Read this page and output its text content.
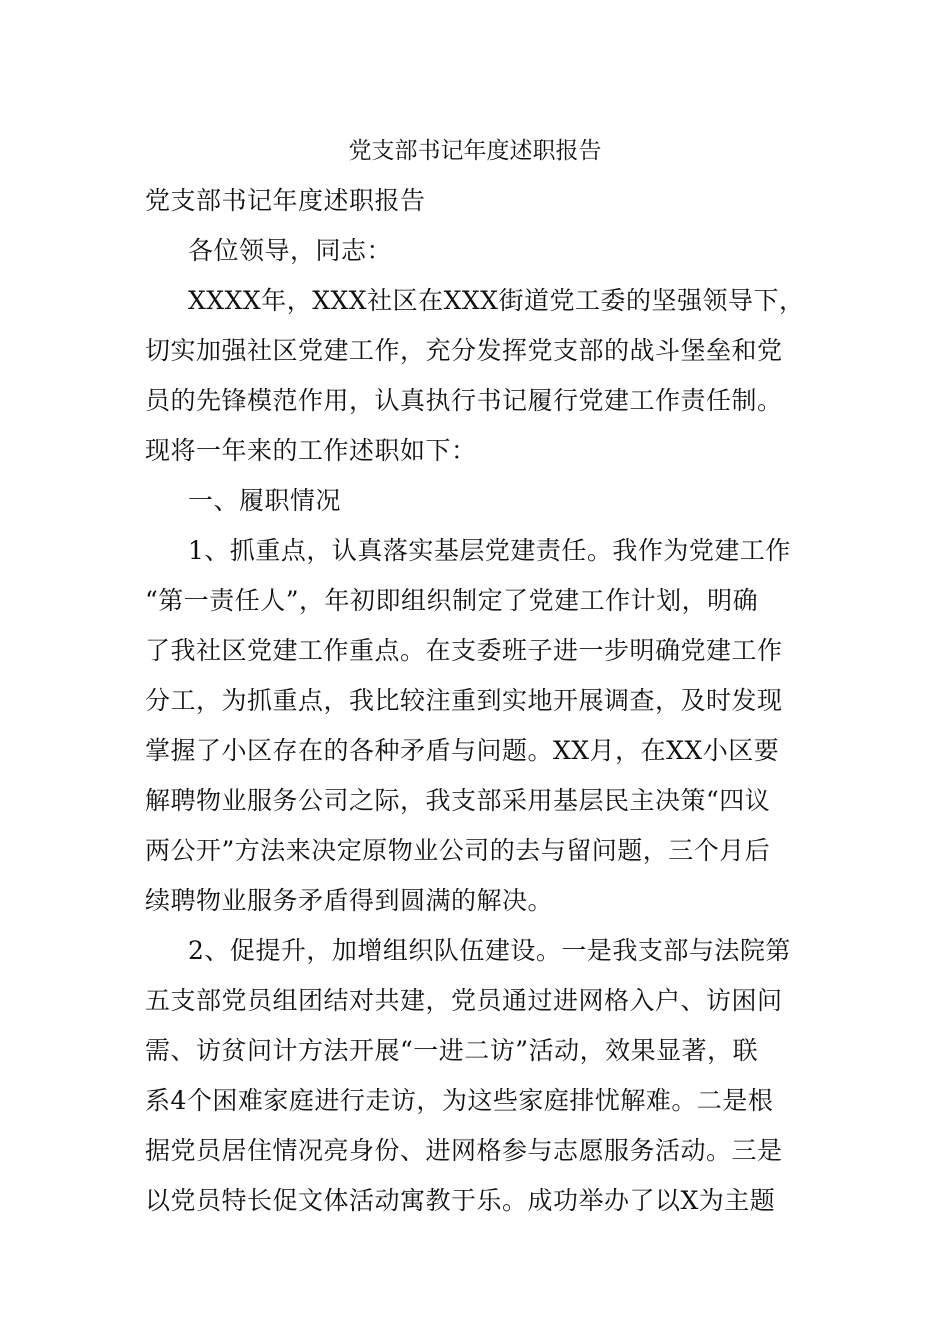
党支部书记年度述职报告
党支部书记年度述职报告
各位领导，同志：
XXXX年，XXX社区在XXX街道党工委的坚强领导下，
切实加强社区党建工作，充分发挥党支部的战斗堡垒和党
员的先锋模范作用，认真执行书记履行党建工作责任制。
现将一年来的工作述职如下：
一、履职情况
1、抓重点，认真落实基层党建责任。我作为党建工作
“第一责任人”，年初即组织制定了党建工作计划，明确
了我社区党建工作重点。在支委班子进一步明确党建工作
分工，为抓重点，我比较注重到实地开展调查，及时发现
掌握了小区存在的各种矛盾与问题。XX月，在XX小区要
解聘物业服务公司之际，我支部采用基层民主决策“四议
两公开”方法来决定原物业公司的去与留问题，三个月后
续聘物业服务矛盾得到圆满的解决。
2、促提升，加增组织队伍建设。一是我支部与法院第
五支部党员组团结对共建，党员通过进网格入户、访困问
需、访贫问计方法开展“一进二访”活动，效果显著，联
系4个困难家庭进行走访，为这些家庭排忧解难。二是根
据党员居住情况亮身份、进网格参与志愿服务活动。三是
以党员特长促文体活动寓教于乐。成功举办了以X为主题
